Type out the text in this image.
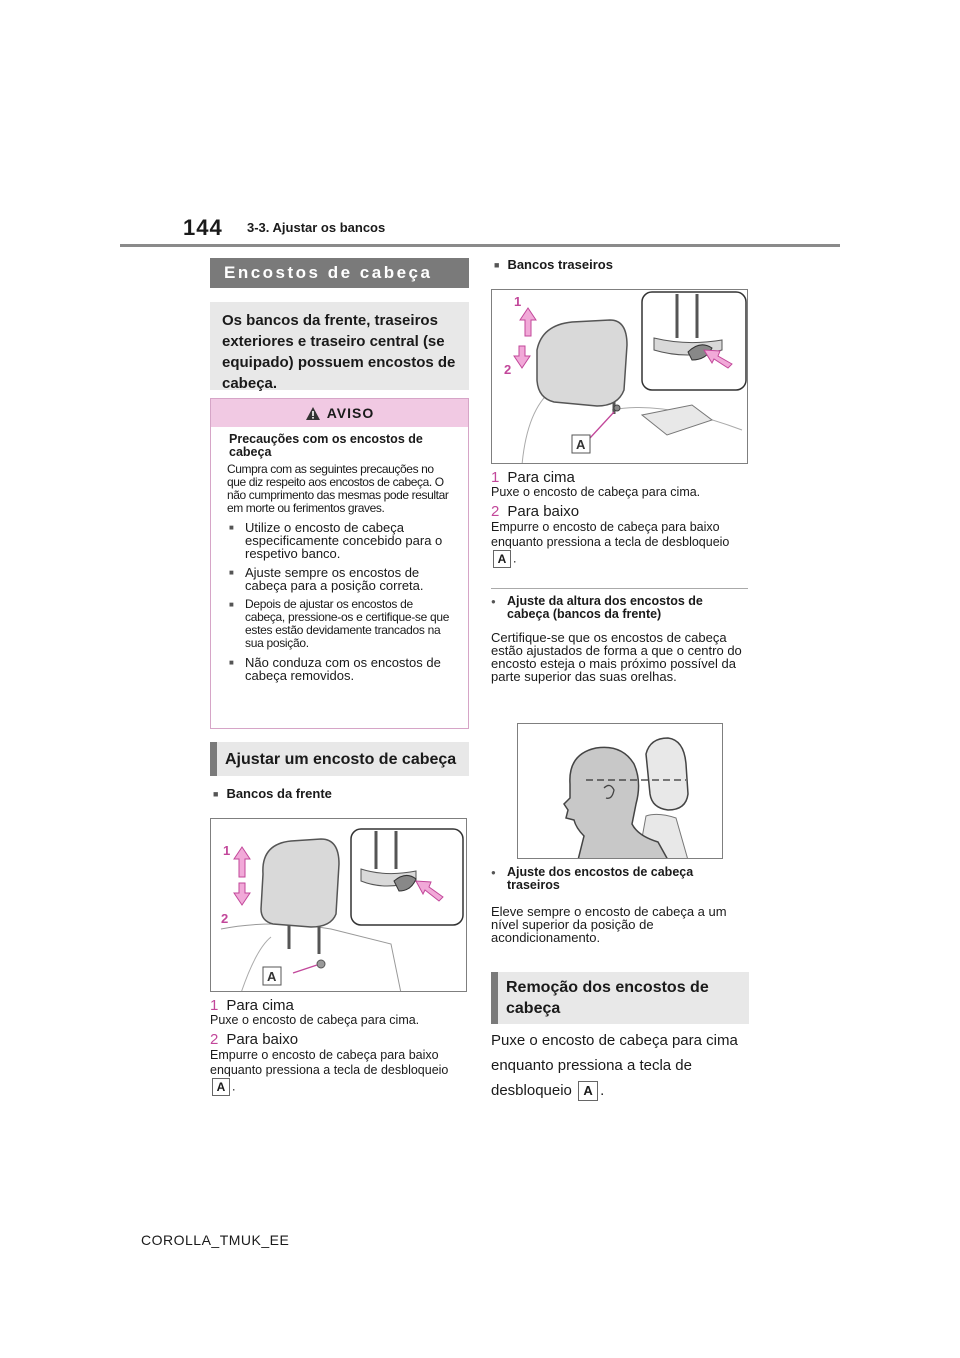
144 3-3. Ajustar os bancos
Encostos de cabeça
Os bancos da frente, traseiros exteriores e traseiro central (se equipado) possuem encostos de cabeça.
AVISO
Precauções com os encostos de cabeça
Cumpra com as seguintes precauções no que diz respeito aos encostos de cabeça. O não cumprimento das mesmas pode resultar em morte ou ferimentos graves.
■ Utilize o encosto de cabeça especificamente concebido para o respetivo banco.
■ Ajuste sempre os encostos de cabeça para a posição correta.
■ Depois de ajustar os encostos de cabeça, pressione-os e certifique-se que estes estão devidamente trancados na sua posição.
■ Não conduza com os encostos de cabeça removidos.
Ajustar um encosto de cabeça
■ Bancos da frente
1
2
A
1 Para cima
Puxe o encosto de cabeça para cima.
2 Para baixo
Empurre o encosto de cabeça para baixo enquanto pressiona a tecla de desbloqueio A .
■ Bancos traseiros
1
2
A
1 Para cima
Puxe o encosto de cabeça para cima.
2 Para baixo
Empurre o encosto de cabeça para baixo enquanto pressiona a tecla de desbloqueio A .
● Ajuste da altura dos encostos de cabeça (bancos da frente)
Certifique-se que os encostos de cabeça estão ajustados de forma a que o centro do encosto esteja o mais próximo possível da parte superior das suas orelhas.
● Ajuste dos encostos de cabeça traseiros
Eleve sempre o encosto de cabeça a um nível superior da posição de acondicionamento.
Remoção dos encostos de cabeça
Puxe o encosto de cabeça para cima enquanto pressiona a tecla de desbloqueio A .
COROLLA_TMUK_EE
